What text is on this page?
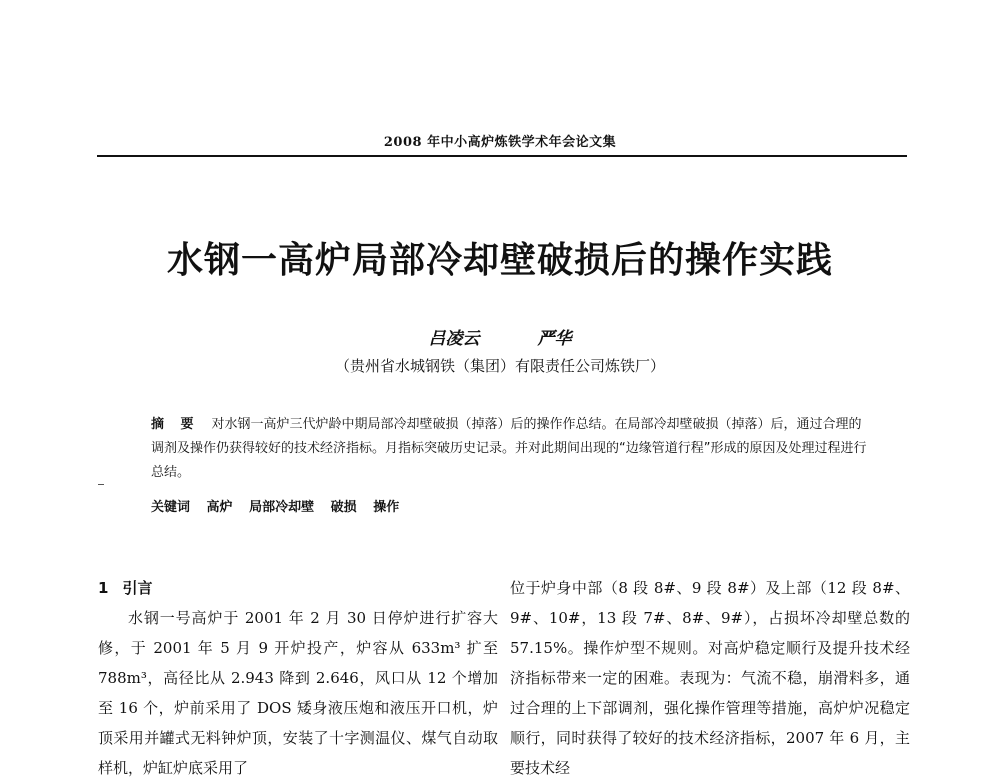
2008 年中小高炉炼铁学术年会论文集
水钢一高炉局部冷却壁破损后的操作实践
吕凌云	严华
（贵州省水城钢铁（集团）有限责任公司炼铁厂）
摘 要 对水钢一高炉三代炉龄中期局部冷却壁破损（掉落）后的操作作总结。在局部冷却壁破损（掉落）后，通过合理的调剂及操作仍获得较好的技术经济指标。月指标突破历史记录。并对此期间出现的“边缘管道行程”形成的原因及处理过程进行总结。
关键词 高炉 局部冷却壁 破损 操作
1 引言

水钢一号高炉于 2001 年 2 月 30 日停炉进行扩容大修，于 2001 年 5 月 9 开炉投产，炉容从 633m³ 扩至 788m³，高径比从 2.943 降到 2.646，风口从 12 个增加至 16 个，炉前采用了 DOS 矮身液压炮和液压开口机，炉顶采用并罐式无料钟炉顶，安装了十字测温仪、煤气自动取样机，炉缸炉底采用了

位于炉身中部（8 段 8#、9 段 8#）及上部（12 段 8#、9#、10#，13 段 7#、8#、9#），占损坏冷却壁总数的 57.15%。操作炉型不规则。对高炉稳定顺行及提升技术经济指标带来一定的困难。表现为：气流不稳，崩滑料多，通过合理的上下部调剂，强化操作管理等措施，高炉炉况稳定顺行，同时获得了较好的技术经济指标，2007 年 6 月，主要技术经
